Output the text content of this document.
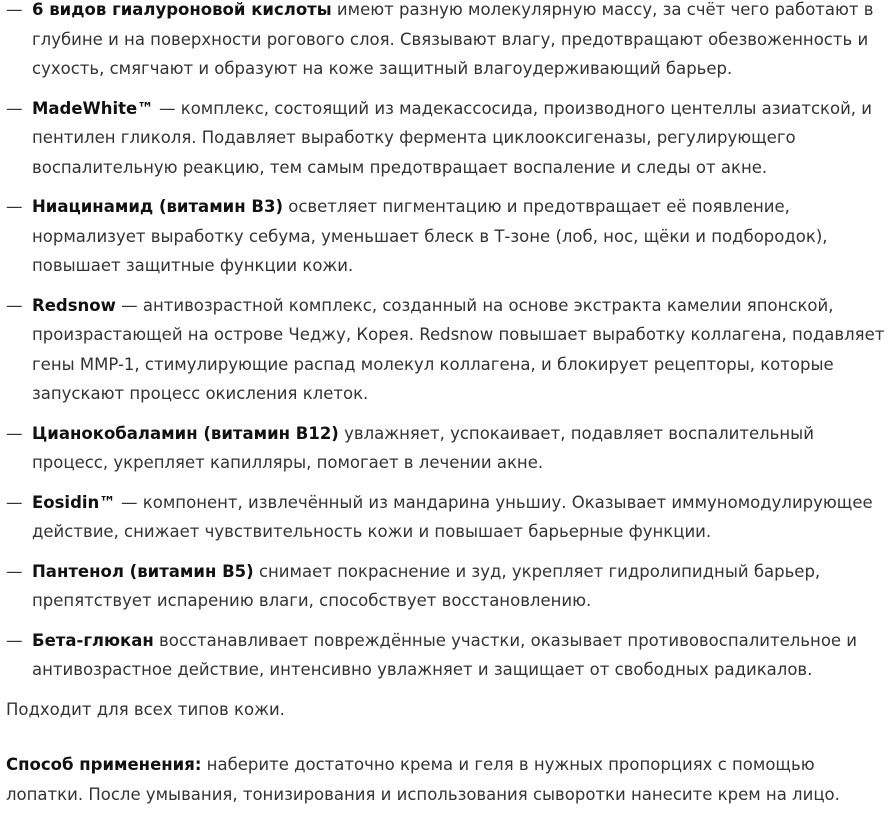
— 6 видов гиалуроновой кислоты имеют разную молекулярную массу, за счёт чего работают в глубине и на поверхности рогового слоя. Связывают влагу, предотвращают обезвоженность и сухость, смягчают и образуют на коже защитный влагоудерживающий барьер.
— MadeWhite™ — комплекс, состоящий из мадекассосида, производного центеллы азиатской, и пентилен гликоля. Подавляет выработку фермента циклооксигеназы, регулирующего воспалительную реакцию, тем самым предотвращает воспаление и следы от акне.
— Ниацинамид (витамин В3) осветляет пигментацию и предотвращает её появление, нормализует выработку себума, уменьшает блеск в Т-зоне (лоб, нос, щёки и подбородок), повышает защитные функции кожи.
— Redsnow — антивозрастной комплекс, созданный на основе экстракта камелии японской, произрастающей на острове Чеджу, Корея. Redsnow повышает выработку коллагена, подавляет гены MMP-1, стимулирующие распад молекул коллагена, и блокирует рецепторы, которые запускают процесс окисления клеток.
— Цианокобаламин (витамин В12) увлажняет, успокаивает, подавляет воспалительный процесс, укрепляет капилляры, помогает в лечении акне.
— Eosidin™ — компонент, извлечённый из мандарина уньшиу. Оказывает иммуномодулирующее действие, снижает чувствительность кожи и повышает барьерные функции.
— Пантенол (витамин В5) снимает покраснение и зуд, укрепляет гидролипидный барьер, препятствует испарению влаги, способствует восстановлению.
— Бета-глюкан восстанавливает повреждённые участки, оказывает противовоспалительное и антивозрастное действие, интенсивно увлажняет и защищает от свободных радикалов.

Подходит для всех типов кожи.

Способ применения: наберите достаточно крема и геля в нужных пропорциях с помощью лопатки. После умывания, тонизирования и использования сыворотки нанесите крем на лицо.
